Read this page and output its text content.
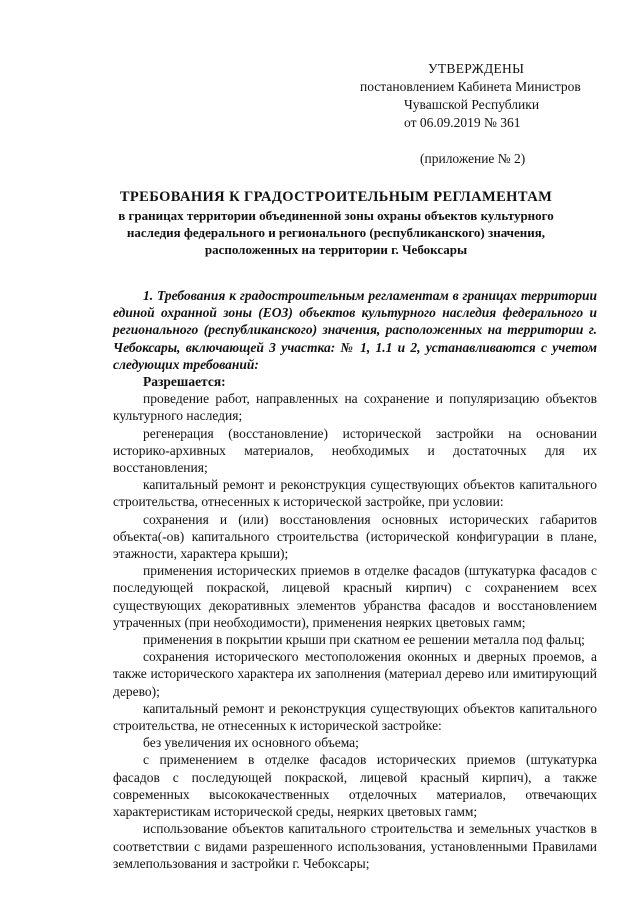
УТВЕРЖДЕНЫ
постановлением Кабинета Министров
Чувашской Республики
от 06.09.2019 № 361
(приложение № 2)
ТРЕБОВАНИЯ К ГРАДОСТРОИТЕЛЬНЫМ РЕГЛАМЕНТАМ
в границах территории объединенной зоны охраны объектов культурного наследия федерального и регионального (республиканского) значения, расположенных на территории г. Чебоксары

1. Требования к градостроительным регламентам в границах территории единой охранной зоны (ЕОЗ) объектов культурного наследия федерального и регионального (республиканского) значения, расположенных на территории г. Чебоксары, включающей 3 участка: № 1, 1.1 и 2, устанавливаются с учетом следующих требований:

Разрешается:

проведение работ, направленных на сохранение и популяризацию объектов культурного наследия;

регенерация (восстановление) исторической застройки на основании историко-архивных материалов, необходимых и достаточных для их восстановления;

капитальный ремонт и реконструкция существующих объектов капитального строительства, отнесенных к исторической застройке, при условии:

сохранения и (или) восстановления основных исторических габаритов объекта(-ов) капитального строительства (исторической конфигурации в плане, этажности, характера крыши);

применения исторических приемов в отделке фасадов (штукатурка фасадов с последующей покраской, лицевой красный кирпич) с сохранением всех существующих декоративных элементов убранства фасадов и восстановлением утраченных (при необходимости), применения неярких цветовых гамм;

применения в покрытии крыши при скатном ее решении металла под фальц;

сохранения исторического местоположения оконных и дверных проемов, а также исторического характера их заполнения (материал дерево или имитирующий дерево);

капитальный ремонт и реконструкция существующих объектов капитального строительства, не отнесенных к исторической застройке:

без увеличения их основного объема;

с применением в отделке фасадов исторических приемов (штукатурка фасадов с последующей покраской, лицевой красный кирпич), а также современных высококачественных отделочных материалов, отвечающих характеристикам исторической среды, неярких цветовых гамм;

использование объектов капитального строительства и земельных участков в соответствии с видами разрешенного использования, установленными Правилами землепользования и застройки г. Чебоксары;
